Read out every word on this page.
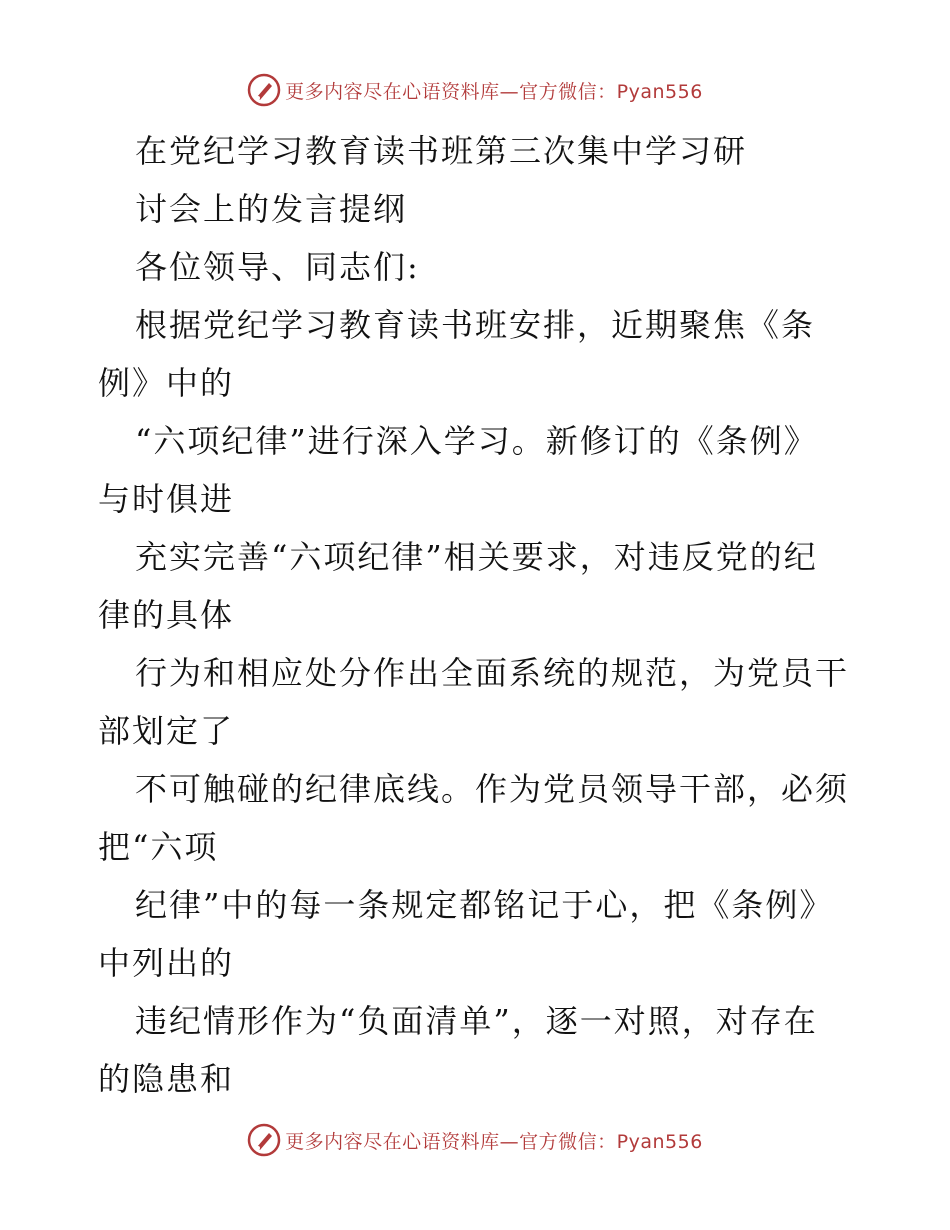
更多内容尽在心语资料库—官方微信：Pyan556
在党纪学习教育读书班第三次集中学习研
讨会上的发言提纲
各位领导、同志们:
根据党纪学习教育读书班安排，近期聚焦《条
例》中的
“六项纪律”进行深入学习。新修订的《条例》
与时俱进
充实完善“六项纪律”相关要求，对违反党的纪
律的具体
行为和相应处分作出全面系统的规范，为党员干
部划定了
不可触碰的纪律底线。作为党员领导干部，必须
把“六项
纪律”中的每一条规定都铭记于心，把《条例》
中列出的
违纪情形作为“负面清单”，逐一对照，对存在
的隐患和
更多内容尽在心语资料库—官方微信：Pyan556
